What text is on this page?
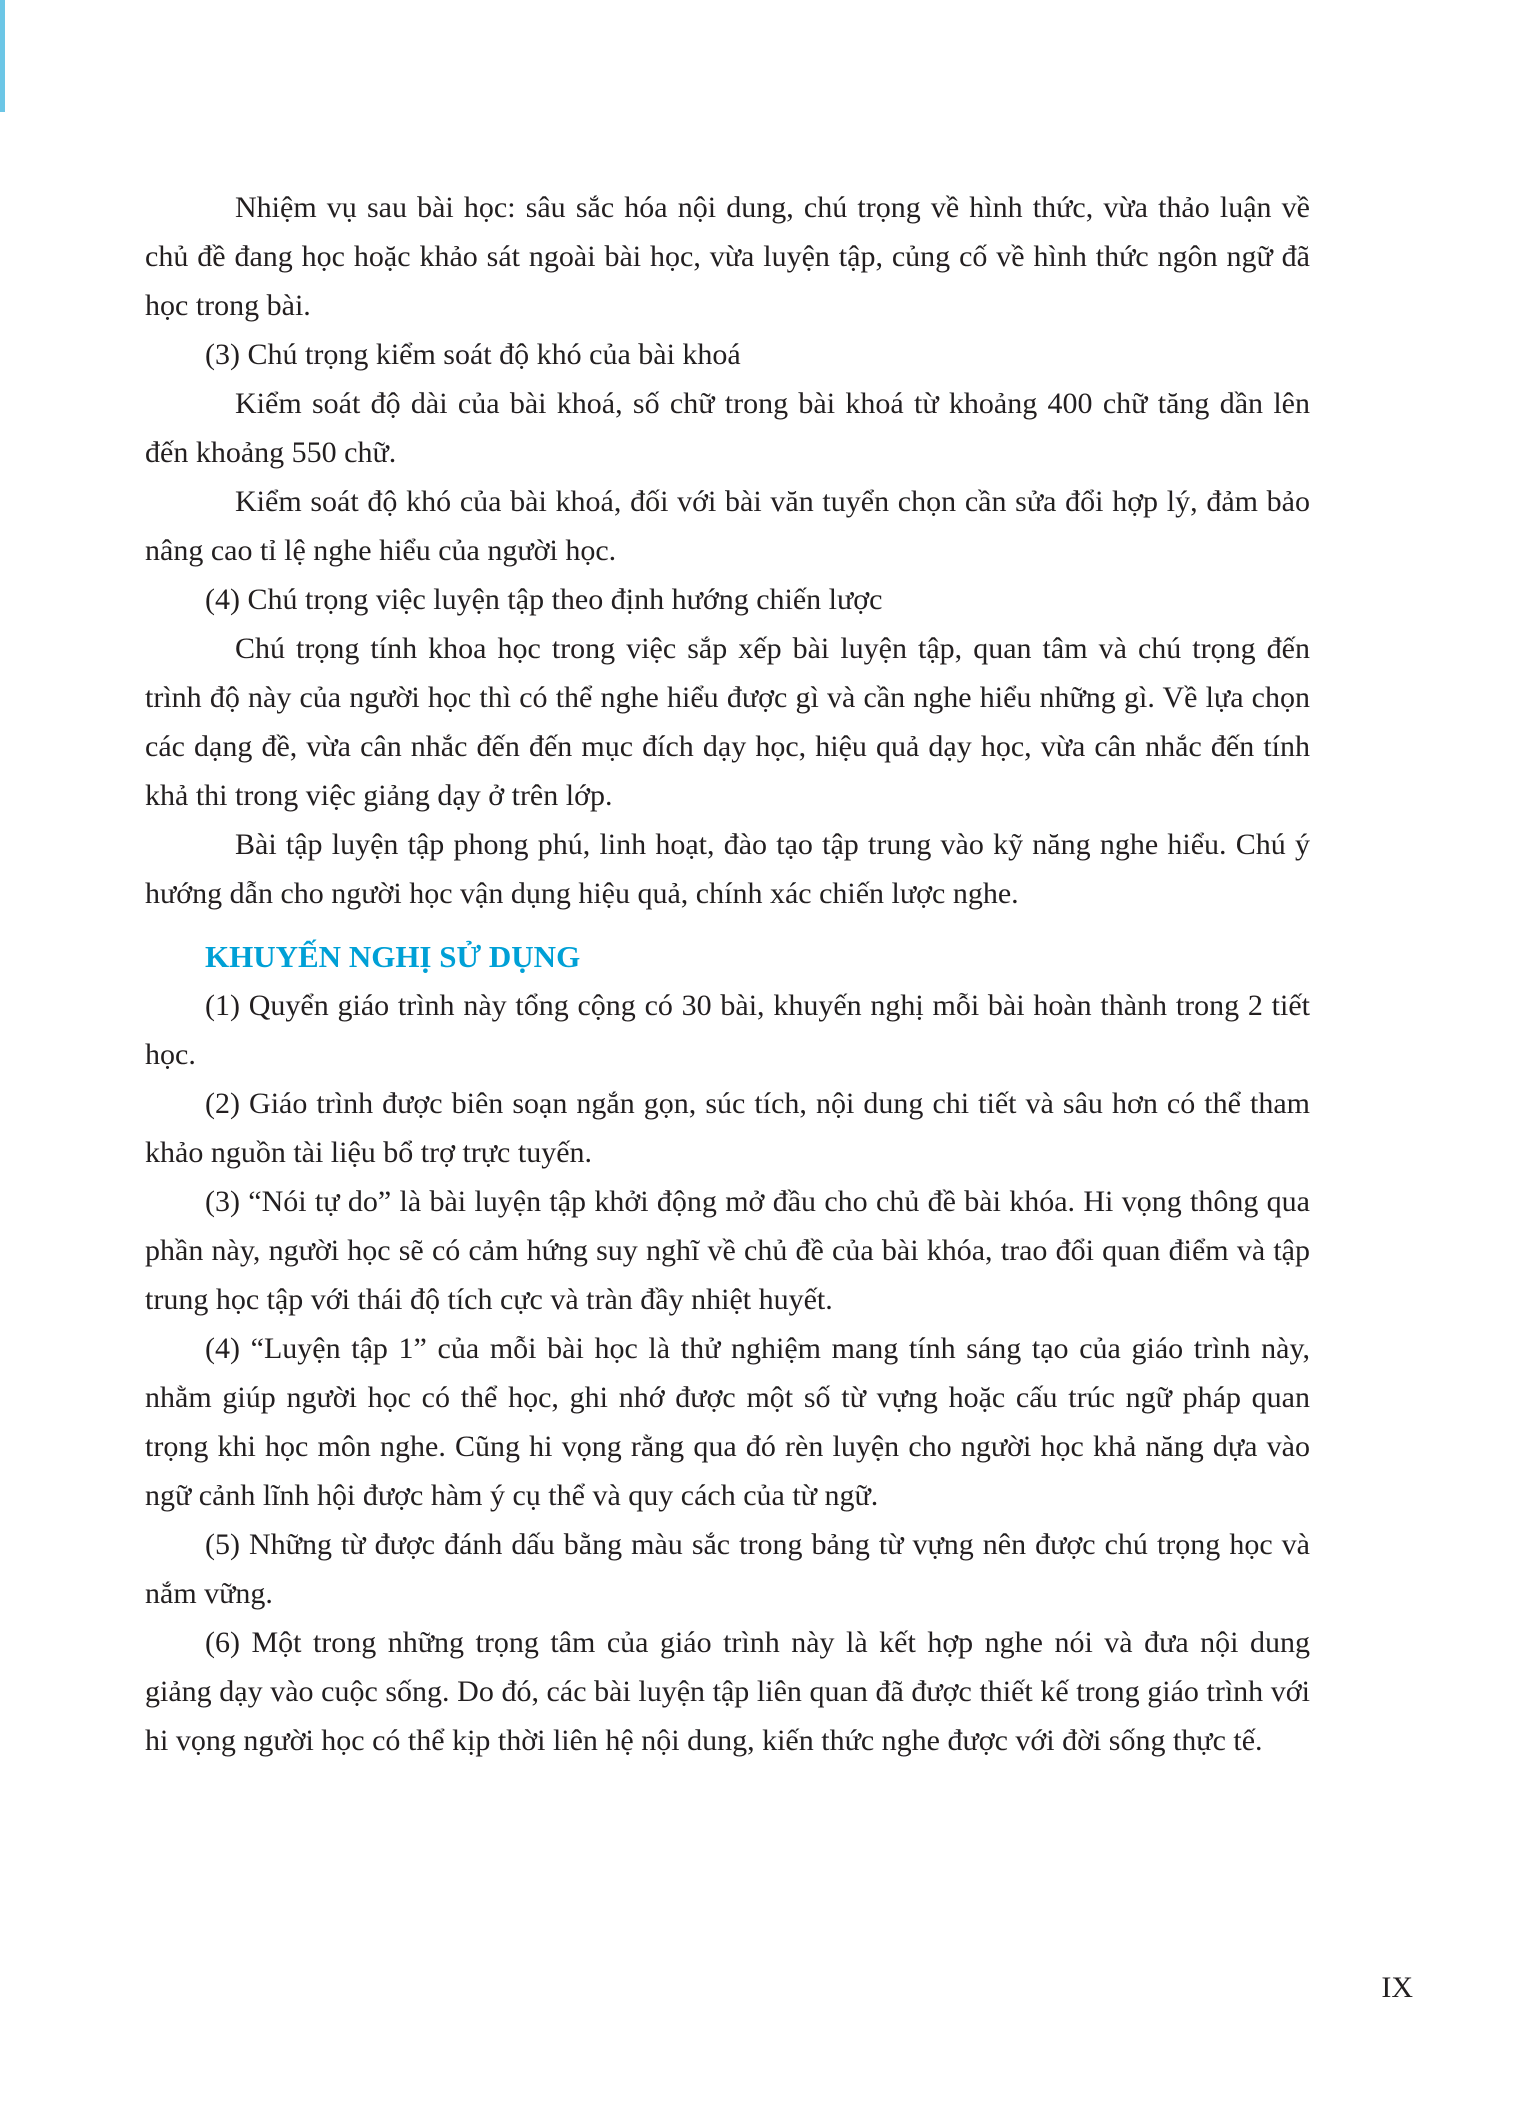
Nhiệm vụ sau bài học: sâu sắc hóa nội dung, chú trọng về hình thức, vừa thảo luận về chủ đề đang học hoặc khảo sát ngoài bài học, vừa luyện tập, củng cố về hình thức ngôn ngữ đã học trong bài.

(3) Chú trọng kiểm soát độ khó của bài khoá

Kiểm soát độ dài của bài khoá, số chữ trong bài khoá từ khoảng 400 chữ tăng dần lên đến khoảng 550 chữ.

Kiểm soát độ khó của bài khoá, đối với bài văn tuyển chọn cần sửa đổi hợp lý, đảm bảo nâng cao tỉ lệ nghe hiểu của người học.

(4) Chú trọng việc luyện tập theo định hướng chiến lược

Chú trọng tính khoa học trong việc sắp xếp bài luyện tập, quan tâm và chú trọng đến trình độ này của người học thì có thể nghe hiểu được gì và cần nghe hiểu những gì. Về lựa chọn các dạng đề, vừa cân nhắc đến đến mục đích dạy học, hiệu quả dạy học, vừa cân nhắc đến tính khả thi trong việc giảng dạy ở trên lớp.

Bài tập luyện tập phong phú, linh hoạt, đào tạo tập trung vào kỹ năng nghe hiểu. Chú ý hướng dẫn cho người học vận dụng hiệu quả, chính xác chiến lược nghe.

KHUYẾN NGHỊ SỬ DỤNG

(1) Quyển giáo trình này tổng cộng có 30 bài, khuyến nghị mỗi bài hoàn thành trong 2 tiết học.

(2) Giáo trình được biên soạn ngắn gọn, súc tích, nội dung chi tiết và sâu hơn có thể tham khảo nguồn tài liệu bổ trợ trực tuyến.

(3) “Nói tự do” là bài luyện tập khởi động mở đầu cho chủ đề bài khóa. Hi vọng thông qua phần này, người học sẽ có cảm hứng suy nghĩ về chủ đề của bài khóa, trao đổi quan điểm và tập trung học tập với thái độ tích cực và tràn đầy nhiệt huyết.

(4) “Luyện tập 1” của mỗi bài học là thử nghiệm mang tính sáng tạo của giáo trình này, nhằm giúp người học có thể học, ghi nhớ được một số từ vựng hoặc cấu trúc ngữ pháp quan trọng khi học môn nghe. Cũng hi vọng rằng qua đó rèn luyện cho người học khả năng dựa vào ngữ cảnh lĩnh hội được hàm ý cụ thể và quy cách của từ ngữ.

(5) Những từ được đánh dấu bằng màu sắc trong bảng từ vựng nên được chú trọng học và nắm vững.

(6) Một trong những trọng tâm của giáo trình này là kết hợp nghe nói và đưa nội dung giảng dạy vào cuộc sống. Do đó, các bài luyện tập liên quan đã được thiết kế trong giáo trình với hi vọng người học có thể kịp thời liên hệ nội dung, kiến thức nghe được với đời sống thực tế.

IX
